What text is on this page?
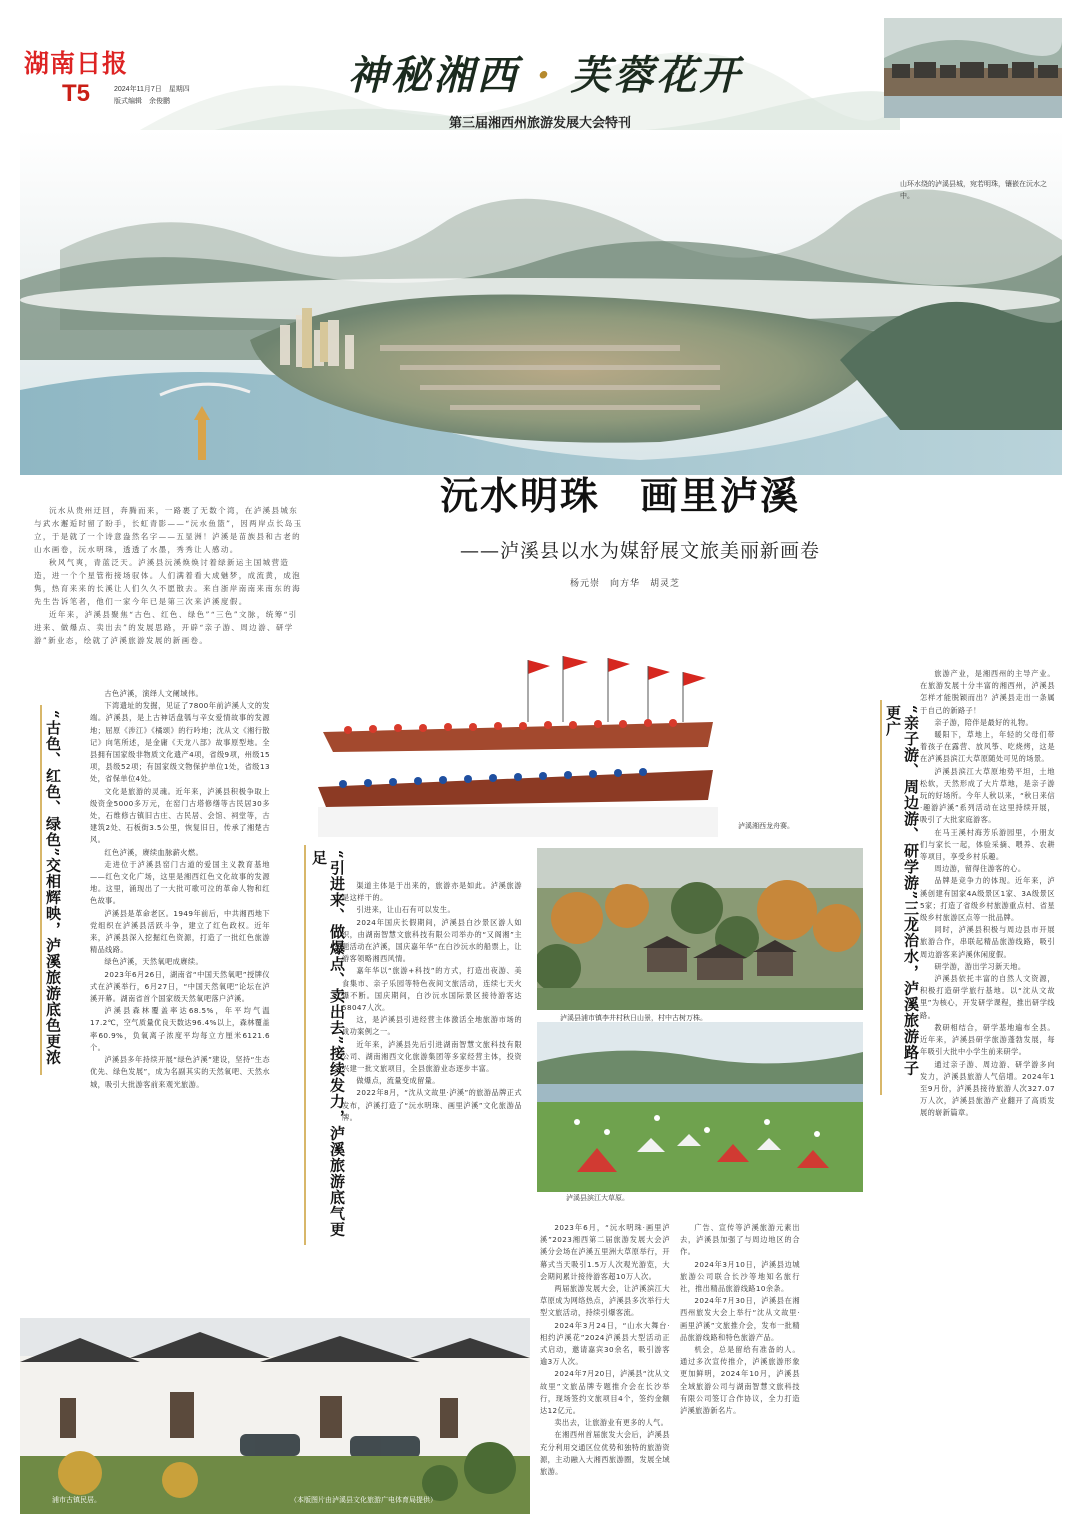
湖南日报
T5	2024年11月7日　星期四
版式编辑　余俊鹏
神秘湘西 · 芙蓉花开
第三届湘西州旅游发展大会特刊
山环水绕的泸溪县城，宛若明珠，镶嵌在沅水之中。
沅水明珠　画里泸溪
——泸溪县以水为媒舒展文旅美丽新画卷
杨元崇　向方华　胡灵芝

沅水从贵州迂回，奔腾而来，一路裹了无数个湾，在泸溪县城东与武水邂逅时留了盼手，长虹青影——“沅水鱼篮”，因两岸点长岛玉立，于是就了一个诗意盎然名字——五显洲！泸溪是苗族县和古老的山水画卷，沅水明珠，透透了水墨，秀秀让人感动。

秋风气爽，青蓝泛天。泸溪县沅溪焕焕讨着绿新运主国城营造造，进一个个星管衔接场驭体。人们满着看大成魅梦，成流黄，成泡隽，热育来来的长溪让人们久久不愿散去。来自浙岸南南来南东的海先生告诉笔者，他们一家今年已是第三次来泸溪度假。

近年来，泸溪县聚焦“古色、红色、绿色”“三色”文脉，统筹“引进来、做爆点、卖出去”的发展思路，开辟“亲子游、周边游、研学游”新业态，绘就了泸溪旅游发展的新画卷。

“古色、红色、绿色”交相辉映，泸溪旅游底色更浓

古色泸溪，演绎人文阑域伟。

下湾遗址的发掘，见证了7800年前泸溪人文的发端。泸溪县，是上古神话盘瓠与辛女爱情故事的发源地；屈原《涉江》《橘颂》的行吟地；沈从文《湘行散记》向笔所述，是金庸《天龙八部》故事原型地。全县拥有国家级非物质文化遗产4项，省级9项，州级15项，县级52项；有国家级文物保护单位1处，省级13处，省保单位4处。

文化是旅游的灵魂。近年来，泸溪县积极争取上级资金5000多万元，在窑门古塔修缮等古民居30多处，石维修古镇旧古庄、古民居、会馆、祠堂等，古建筑2处、石板街3.5公里，恢复旧日，传承了湘楚古风。

红色泸溪，赓续血脉薪火燃。

走进位于泸溪县窑门古道的爱国主义教育基地——红色文化广场，这里是湘西红色文化故事的发源地。这里，涌现出了一大批可歌可泣的革命人物和红色故事。

泸溪县是革命老区。1949年前后，中共湘西地下党组织在泸溪县活跃斗争，建立了红色政权。近年来，泸溪县深入挖掘红色资源，打造了一批红色旅游精品线路。

绿色泸溪，天然氧吧成赓续。

2023年6月26日，湖南省“中国天然氧吧”授牌仪式在泸溪举行，6月27日，“中国天然氧吧”论坛在泸溪开幕。湖南省首个国家级天然氧吧落户泸溪。

泸溪县森林覆盖率达68.5%，年平均气温17.2℃，空气质量优良天数达96.4%以上，森林覆盖率60.9%，负氧离子浓度平均每立方厘米6121.6个。

泸溪县多年持续开展“绿色泸溪”建设，坚持“生态优先、绿色发展”，成为名副其实的天然氧吧、天然水城，吸引大批游客前来观光旅游。

泸溪湘西龙舟赛。
“引进来、做爆点、卖出去”接续发力，泸溪旅游底气更足

渠道主体是于出来的，旅游亦是如此。泸溪旅游是这样干的。

引进来，让山石有可以发生。

2024年国庆长假期间，泸溪县白沙景区游人如织，由湖南智慧文旅科技有限公司举办的“又阁湘”主题活动在泸溪，国庆嘉年华“在白沙沅水的船票上，让游客领略湘西风情。

嘉年华以“旅游+科技”的方式，打造出夜游、美食集市、亲子乐园等特色夜间文旅活动，连续七天火爆不断。国庆期间，白沙沅水国际景区接待游客达58047人次。

这，是泸溪县引进经营主体激活全地旅游市场的成功案例之一。

近年来，泸溪县先后引进湖南智慧文旅科技有限公司、湖南湘西文化旅游集团等多家经营主体，投资兴建一批文旅项目，全县旅游业态逐步丰富。

做爆点，流量变成留量。

2022年8月，“沈从文故里·泸溪”的旅游品牌正式发布，泸溪打造了“沅水明珠、画里泸溪”文化旅游品牌。

泸溪县浦市镇李井村秋日山景，村中古树万株。
泸溪县滨江大草原。
“亲子游、周边游、研学游”三龙治水，泸溪旅游路子更广

旅游产业，是湘西州的主导产业。在旅游发展十分丰富的湘西州，泸溪县怎样才能脱颖而出？泸溪县走出一条属于自己的新路子！

亲子游，陪伴是最好的礼物。

暖阳下，草地上，年轻的父母们带着孩子在露营、放风筝、吃烧烤，这是在泸溪县滨江大草原随处可见的场景。

泸溪县滨江大草原地势平坦，土地松软，天然形成了大片草地，是亲子游玩的好场所。今年人秋以来，“秋日来信·趣游泸溪”系列活动在这里持续开展，吸引了大批家庭游客。

在马王溪村海芳乐游园里，小朋友们与家长一起，体验采摘、喂养、农耕等项目，享受乡村乐趣。

周边游，留得住游客的心。

品牌是竞争力的体现。近年来，泸溪创建有国家4A级景区1家、3A级景区5家；打造了省级乡村旅游重点村、省星级乡村旅游区点等一批品牌。

同时，泸溪县积极与周边县市开展旅游合作，串联起精品旅游线路，吸引周边游客来泸溪休闲度假。

研学游，游出学习新天地。

泸溪县依托丰富的自然人文资源，积极打造研学旅行基地。以“沈从文故里”为核心，开发研学课程，推出研学线路。

教研相结合，研学基地遍布全县。近年来，泸溪县研学旅游蓬勃发展，每年吸引大批中小学生前来研学。

通过亲子游、周边游、研学游多向发力，泸溪县旅游人气倍增。2024年1至9月份，泸溪县接待旅游人次327.07万人次，泸溪县旅游产业翻开了高质发展的崭新篇章。

2023年6月，“沅水明珠·画里泸溪”2023湘西第二届旅游发展大会泸溪分会场在泸溪五里洲大草原举行，开幕式当天吸引1.5万人次观光游览，大会期间累计接待游客超10万人次。

两届旅游发展大会，让泸溪滨江大草原成为网络热点，泸溪县多次举行大型文旅活动，持续引爆客流。

2024年3月24日，“山水大舞台·相约泸溪花”2024泸溪县大型活动正式启动，邀请嘉宾30余名，吸引游客逾3万人次。

2024年7月20日，泸溪县“沈从文故里”文旅品牌专题推介会在长沙举行，现场签约文旅项目4个，签约金额达12亿元。

卖出去，让旅游业有更多的人气。

在湘西州首届旅发大会后，泸溪县充分利用交通区位优势和独特的旅游资源，主动融入大湘西旅游圈，发展全域旅游。

广告、宣传等泸溪旅游元素出去，泸溪县加强了与周边地区的合作。

2024年3月10日，泸溪县边城旅游公司联合长沙等地知名旅行社，推出精品旅游线路10余条。

2024年7月30日，泸溪县在湘西州旅发大会上举行“沈从文故里·画里泸溪”文旅推介会，发布一批精品旅游线路和特色旅游产品。

机会，总是留给有准备的人。通过多次宣传推介，泸溪旅游形象更加鲜明，2024年10月，泸溪县全域旅游公司与湖南智慧文旅科技有限公司签订合作协议，全力打造泸溪旅游新名片。

浦市古镇民居。	（本版图片由泸溪县文化旅游广电体育局提供）
